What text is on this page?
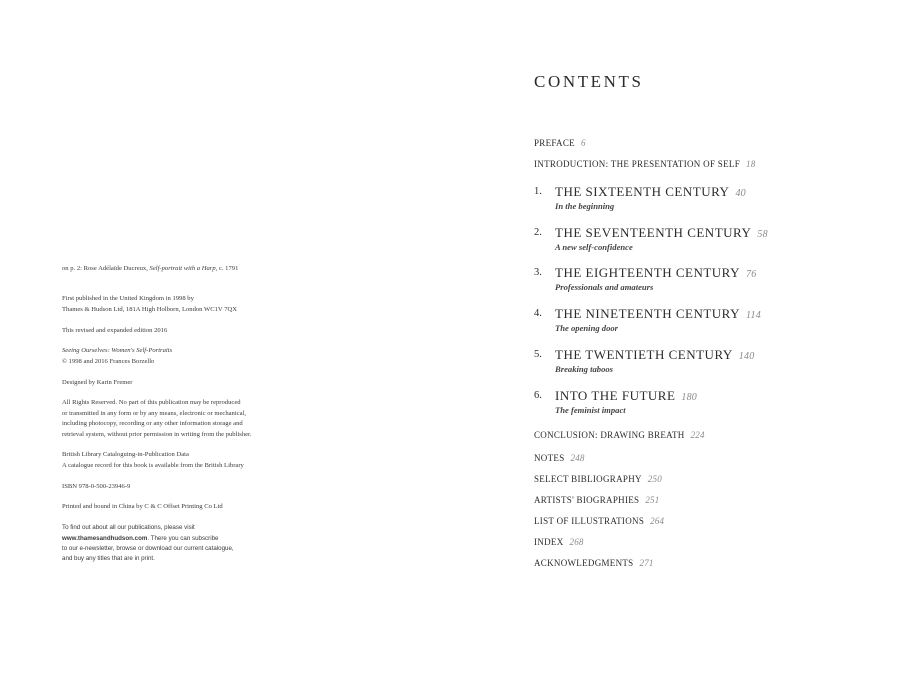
on p. 2: Rose Adélaïde Ducreux, Self-portrait with a Harp, c. 1791

First published in the United Kingdom in 1998 by
Thames & Hudson Ltd, 181A High Holborn, London WC1V 7QX

This revised and expanded edition 2016

Seeing Ourselves: Women's Self-Portraits
© 1998 and 2016 Frances Borzello

Designed by Karin Fremer

All Rights Reserved. No part of this publication may be reproduced
or transmitted in any form or by any means, electronic or mechanical,
including photocopy, recording or any other information storage and
retrieval system, without prior permission in writing from the publisher.

British Library Cataloguing-in-Publication Data
A catalogue record for this book is available from the British Library

ISBN 978-0-500-23946-9

Printed and bound in China by C & C Offset Printing Co Ltd

To find out about all our publications, please visit
www.thamesandhudson.com. There you can subscribe
to our e-newsletter, browse or download our current catalogue,
and buy any titles that are in print.

CONTENTS
PREFACE 6
INTRODUCTION: THE PRESENTATION OF SELF 18
1. THE SIXTEENTH CENTURY 40
In the beginning
2. THE SEVENTEENTH CENTURY 58
A new self-confidence
3. THE EIGHTEENTH CENTURY 76
Professionals and amateurs
4. THE NINETEENTH CENTURY 114
The opening door
5. THE TWENTIETH CENTURY 140
Breaking taboos
6. INTO THE FUTURE 180
The feminist impact
CONCLUSION: DRAWING BREATH 224
NOTES 248
SELECT BIBLIOGRAPHY 250
ARTISTS' BIOGRAPHIES 251
LIST OF ILLUSTRATIONS 264
INDEX 268
ACKNOWLEDGMENTS 271
